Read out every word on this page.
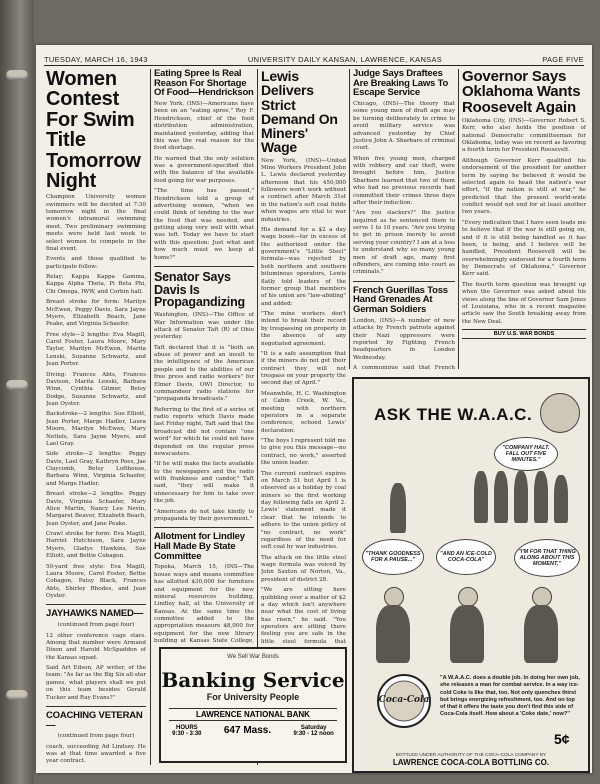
TUESDAY, MARCH 16, 1943	UNIVERSITY DAILY KANSAN, LAWRENCE, KANSAS	PAGE FIVE
Women Contest For Swim Title Tomorrow Night

Champion University women swimmers will be decided at 7:30 tomorrow night in the final women's intramural swimming meet. Two preliminary swimming meets were held last week to select women to compete in the final event.

Events and those qualified to participate follow:

Relay: Kappa Kappa Gamma, Kappa Alpha Theta, Pi Beta Phi, Chi Omega, IWW, and Corbin hall.

Breast stroke for form: Marilyn McEwen, Peggy Davis, Sara Jayne Myers, Elizabeth Beach, Jane Peake, and Virginia Schaefer.

Free style—2 lengths: Eva Magill, Carol Foster, Laura Moore, Mary Taylor, Marilyn McEwen, Marita Lenski, Suzanne Schwartz, and Jean Porter.

Diving: Frances Abts, Frances Davison, Marita Lenski, Barbara Winn, Cynthia Gilmer, Betsy Dodge, Suzanne Schwartz, and Jean Oyster.

Backstroke—2 lengths: Sue Elliott, Jean Porter, Marge Hadler, Laura Moore, Marilyn McEwen, Mary Nettels, Sara Jayne Myers, and Lael Gray.

Side stroke—2 lengths: Peggy Davis, Lael Gray, Kathryn Pees, Jae Claycomb, Betsy Lofthouse, Barbara Winn, Virginia Schaefer, and Marge Hadler.

Breast stroke—2 lengths: Peggy Davis, Virginia Schaefer, Mary Alice Martin, Nancy Lee Nevin, Margaret Beaver, Elizabeth Beach, Jean Oyster, and Jane Peake.

Crawl stroke for form: Eva Magill, Harriet Hutchison, Sara Jayne Myers, Gladys Hawkins, Sue Elliott, and Bettie Cobagon.

50-yard free style: Eva Magill, Laura Moore, Carol Foster, Bettie Cobagon, Patsy Black, Frances Abts, Shirley Rhodes, and Jean Oyster.

JAYHAWKS NAMED—

(continued from page four)

12 other conference cage stars. Among that number were Armand Dixon and Harold McSpadden of the Kansas squad.

Said Art Edson, AP writer, of the team: "As far as the Big Six all-star games, what players shall we put on this team besides Gerald Tucker and Ray Evans?"

COACHING VETERAN—

(continued from page four)

coach, succeeding Ad Lindsey. He was at that time awarded a five year contract.

Eating Spree Is Real Reason For Shortage Of Food—Hendrickson

New York, (INS)—Americans have been on an "eating spree," Roy F. Hendrickson, chief of the food distribution administration, maintained yesterday, adding that this was the real reason for the food shortage.

He warned that the only solution was a government-specified diet with the balance of the available food going for war purposes.

"The time has passed," Hendrickson told a group of advertising women, "when we could think of tending to the war the food that was needed, and getting along very well with what was left. Today we have to start with this question: Just what and how much must we keep at home?"

Senator Says Davis Is Propagandizing

Washington, (INS)—The Office of War Information was under the attack of Senator Taft (R) of Ohio yesterday.

Taft declared that it is "both an abuse of power and an insult to the intelligence of the American people and to the abilities of our free press and radio workers" for Elmer Davis, OWI Director, to commandeer radio stations for "propaganda broadcasts."

Referring to the first of a series of radio reports which Davis made last Friday night, Taft said that the broadcast did not contain "one word" for which he could not have depended on the regular press newscasters.

"If he will make the facts available to the newspapers and the radio with frankness and candor," Taft said, "they will make it unnecessary for him to take over the job.

"Americans do not take kindly to propaganda by their government."

Allotment for Lindley Hall Made By State Committee

Topeka, March 15, (INS—The house ways and means committee has allotted $30,000 for furniture and equipment for the new mineral resources building, Lindley hall, at the University of Kansas. At the same time the committee added to the appropriation measure $8,000 for equipment for the new library building at Kansas State College,

Lewis Delivers Strict Demand On Miners' Wage

New York, (INS)—United Mine Workers President John L. Lewis declared yesterday afternoon that his 450,000 followers won't work without a contract after March 31st in the nation's soft coal fields when wages are vital to war industries.

His demand for a $2 a day wage boost—far in excess of the authorized under the government's "Little Steel" formula—was rejected by both northern and southern bituminous operators, Lewis flatly told leaders of the former group that members of his union are "law-abiding" and added:

"The mine workers don't intend to break their record by trespassing on property in the absence of any negotiated agreement.

"It is a safe assumption that if the miners do not get their contract they will not trespass on your property the second day of April."

Meanwhile, H. C. Washington of Cabin Creek, W. Va., meeting with northern operators in a separate conference, echoed Lewis' declaration:

"The boys I represent told me to give you this message—no contract, no work," asserted the union leader.

The current contract expires on March 31 but April 1 is observed as a holiday by coal miners so the first working day following falls on April 2. Lewis' statement made it clear that he intends to adhere to the union policy of "no contract, no work" regardless of the need for soft coal by war industries.

The attack on the little steel wage formula was voiced by John Saxton of Norton, Va., president of district 28.

"We are sitting here quibbling over a matter of $2 a day which isn't anywhere near what the cost of living has risen," he said. "You operators are sitting there feeling you are safe in the little steel formula that

Judge Says Draftees Are Breaking Laws To Escape Service

Chicago, (INS)—The theory that some young men of draft age may be turning deliberately to crime to avoid military service was advanced yesterday by Chief Justice John A. Sbarbaro of criminal court.

When five young men, charged with robbery and car theft, were brought before him, Justice Sbarbaro learned that two of them who had no previous records had committed their crimes three days after their induction.

"Are you slackers?" the justice inquired as he sentenced them to serve 1 to 10 years. "Are you trying to get in prison merely to avoid serving your country? I am at a loss to understand why so many young men of draft age, many first offenders, are coming into court as criminals."

French Guerillas Toss Hand Grenades At German Soldiers

London, (INS)—A number of new attacks by French patriots against their Nazi oppressors were reported by Fighting French headquarters in London Wednesday.

A communique said that French

Governor Says Oklahoma Wants Roosevelt Again

Oklahoma City, (INS)—Governor Robert S. Kerr, who also holds the position of national Democratic committeeman for Oklahoma, today was on record as favoring a fourth term for President Roosevelt.

Although Governor Kerr qualified his endorsement of the president for another term by saying he believed it would be selected again to head the nation's war effort, "if the nation is still at war," he predicted that the present world-wide conflict would not end for at least another two years.

"Every indication that I have seen leads me to believe that if the war is still going on, and if it is still being handled as it has been, is being, and I believe will be handled, President Roosevelt will be overwhelmingly endorsed for a fourth term by Democrats of Oklahoma," Governor Kerr said.

The fourth term question was brought up when the Governor was asked about his views along the line of Governor Sam Jones of Louisiana, who in a recent magazine article saw the South breaking away from the New Deal.

BUY U.S. WAR BONDS
We Sell War Bonds
Banking Service
For University People
LAWRENCE NATIONAL BANK
HOURS
9:30 - 3:30 647 Mass.	Saturday
9:30 - 12 noon
ASK THE W.A.A.C.
"COMPANY HALT. FALL OUT FIVE MINUTES."
"THANK GOODNESS FOR A PAUSE..."
"AND AN ICE-COLD COCA-COLA"
"I'M FOR THAT THING ALONG ABOUT THIS MOMENT."
Coca-Cola
"A W.A.A.C. does a double job. In doing her own job, she releases a man for combat service. In a way ice-cold Coke is like that, too. Not only quenches thirst but brings energizing refreshment, too. And on top of that it offers the taste you don't find this side of Coca-Cola itself. How about a 'Coke date,' now?"
5¢
BOTTLED UNDER AUTHORITY OF THE COCA-COLA COMPANY BY
LAWRENCE COCA-COLA BOTTLING CO.
